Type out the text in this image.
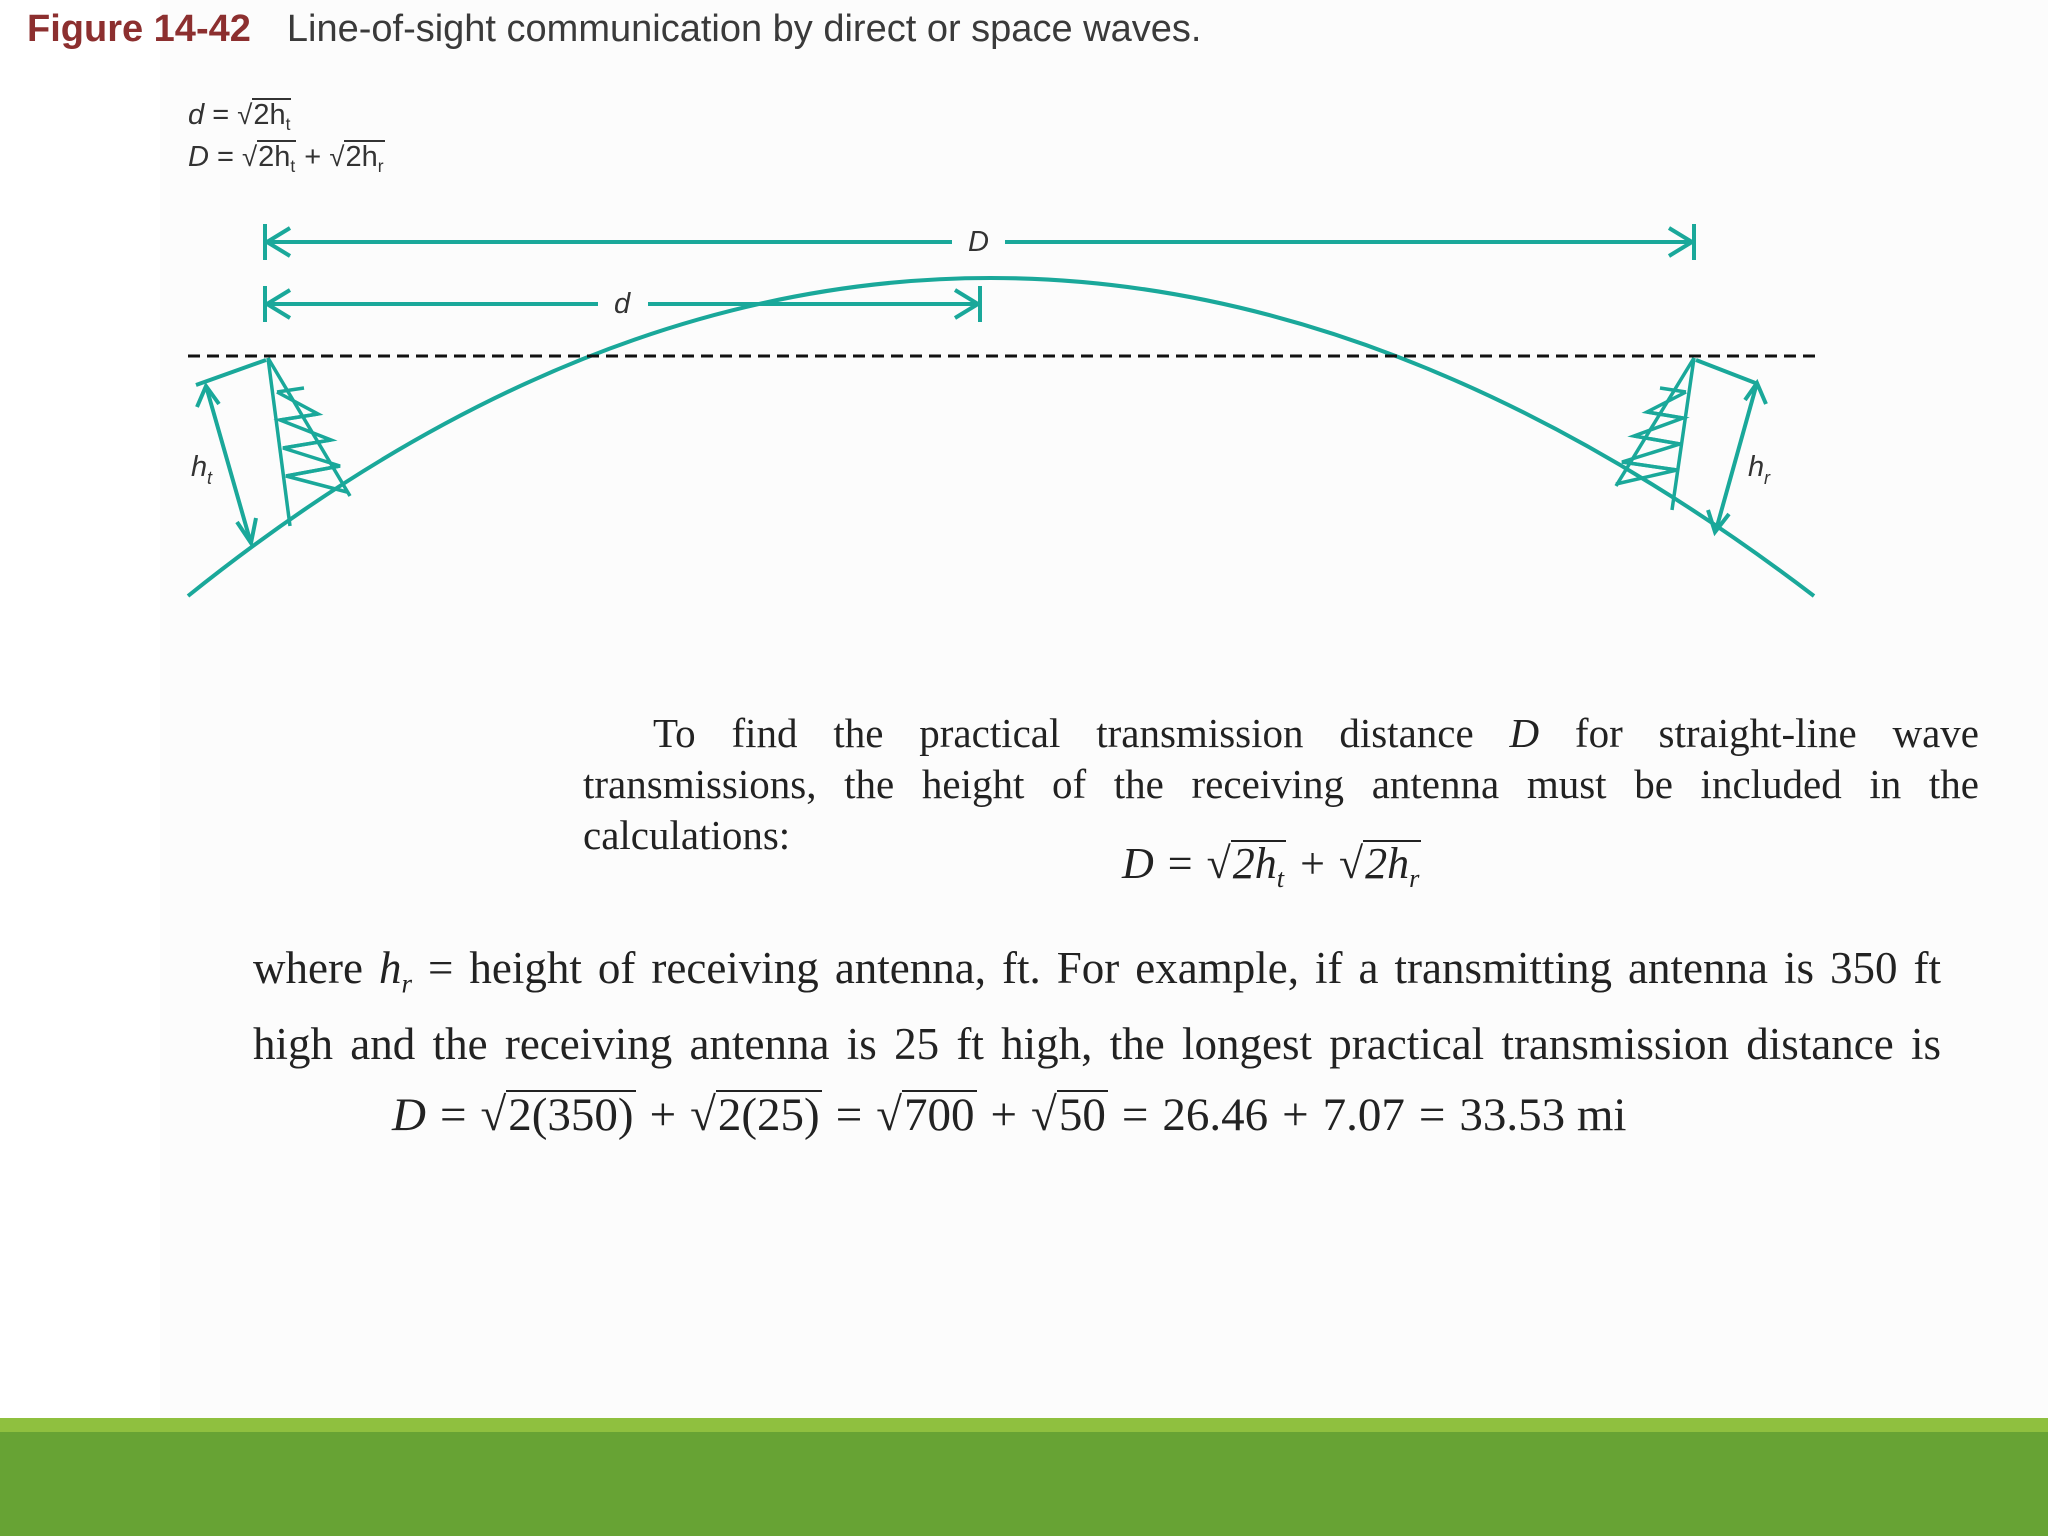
Figure 14-42 Line-of-sight communication by direct or space waves.
$d = √2h_t$
$D = √2h_t + √2h_r$
D
d
h t	h r
To find the practical transmission distance D for straight-line wave transmissions, the height of the receiving antenna must be included in the calculations:
$D = √2h_t + √2h_r$
where $h_r$ = height of receiving antenna, ft. For example, if a transmitting antenna is 350 ft high and the receiving antenna is 25 ft high, the longest practical transmission distance is
D = √2(350) + √2(25) = √700 + √50 = 26.46 + 7.07 = 33.53 mi
